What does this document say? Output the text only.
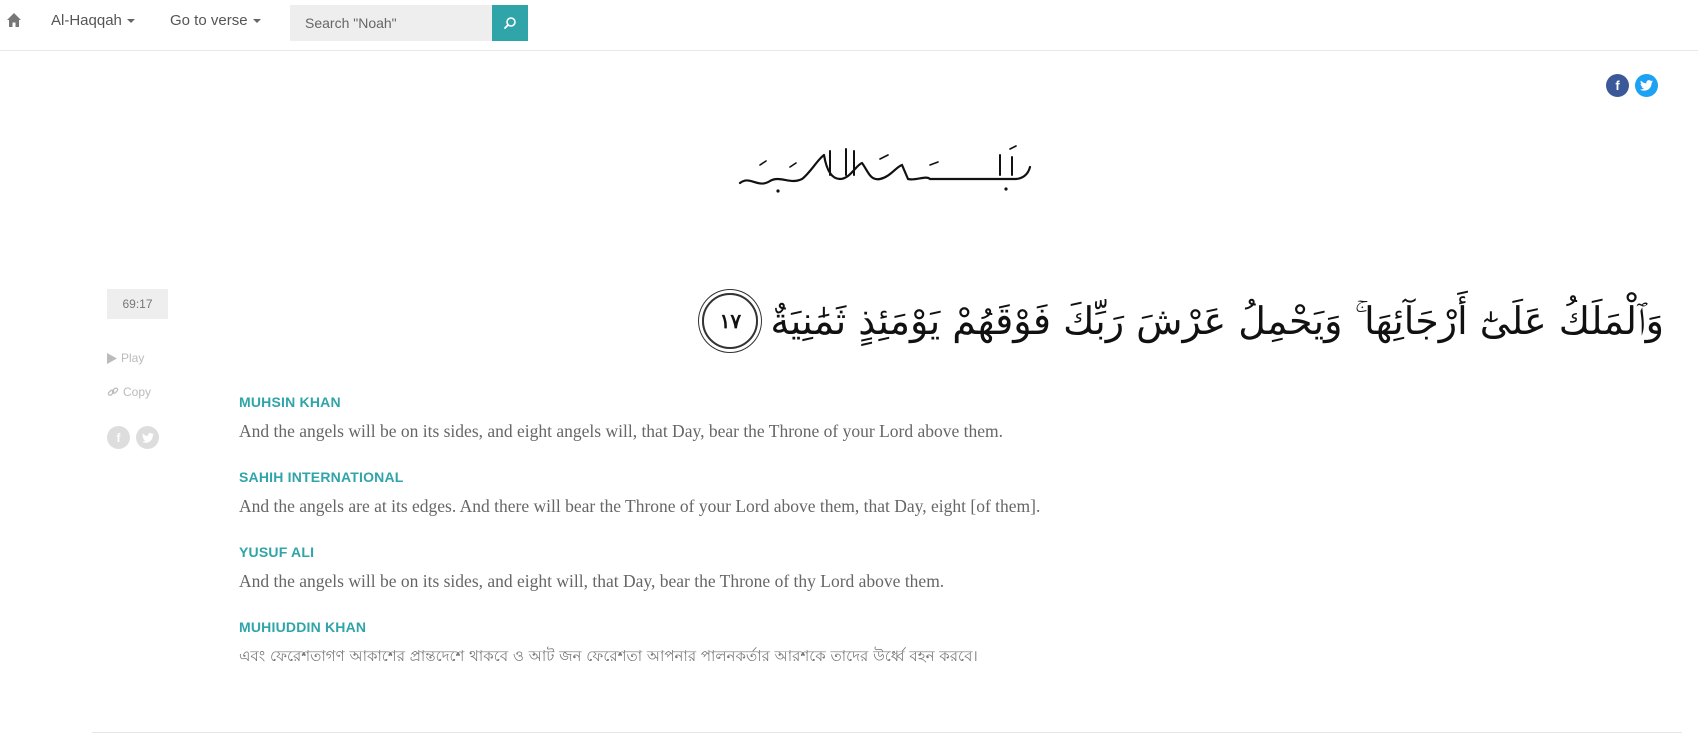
Al-Haqqah	Go to verse
Search "Noah"
f
69:17
Play
Copy
f
وَٱلْمَلَكُ عَلَىٰٓ أَرْجَآئِهَا ۚ وَيَحْمِلُ عَرْشَ رَبِّكَ فَوْقَهُمْ يَوْمَئِذٍ ثَمَٰنِيَةٌ
١٧
MUHSIN KHAN
And the angels will be on its sides, and eight angels will, that Day, bear the Throne of your Lord above them.
SAHIH INTERNATIONAL
And the angels are at its edges. And there will bear the Throne of your Lord above them, that Day, eight [of them].
YUSUF ALI
And the angels will be on its sides, and eight will, that Day, bear the Throne of thy Lord above them.
MUHIUDDIN KHAN
এবং ফেরেশতাগণ আকাশের প্রান্তদেশে থাকবে ও আট জন ফেরেশতা আপনার পালনকর্তার আরশকে তাদের উর্ধ্বে বহন করবে।
